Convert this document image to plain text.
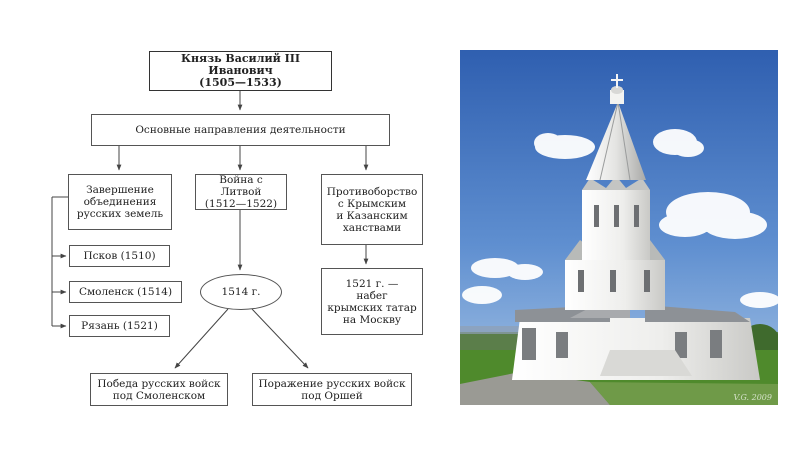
Князь Василий III Иванович
(1505—1533)
Основные направления деятельности
Завершение
объединения
русских земель
Псков (1510)
Смоленск (1514)
Рязань (1521)
Война с Литвой
(1512—1522)
1514 г.
Победа русских войск
под Смоленском
Поражение русских войск
под Оршей
Противоборство
с Крымским
и Казанским
ханствами
1521 г. —
набег
крымских татар
на Москву
V.G. 2009
